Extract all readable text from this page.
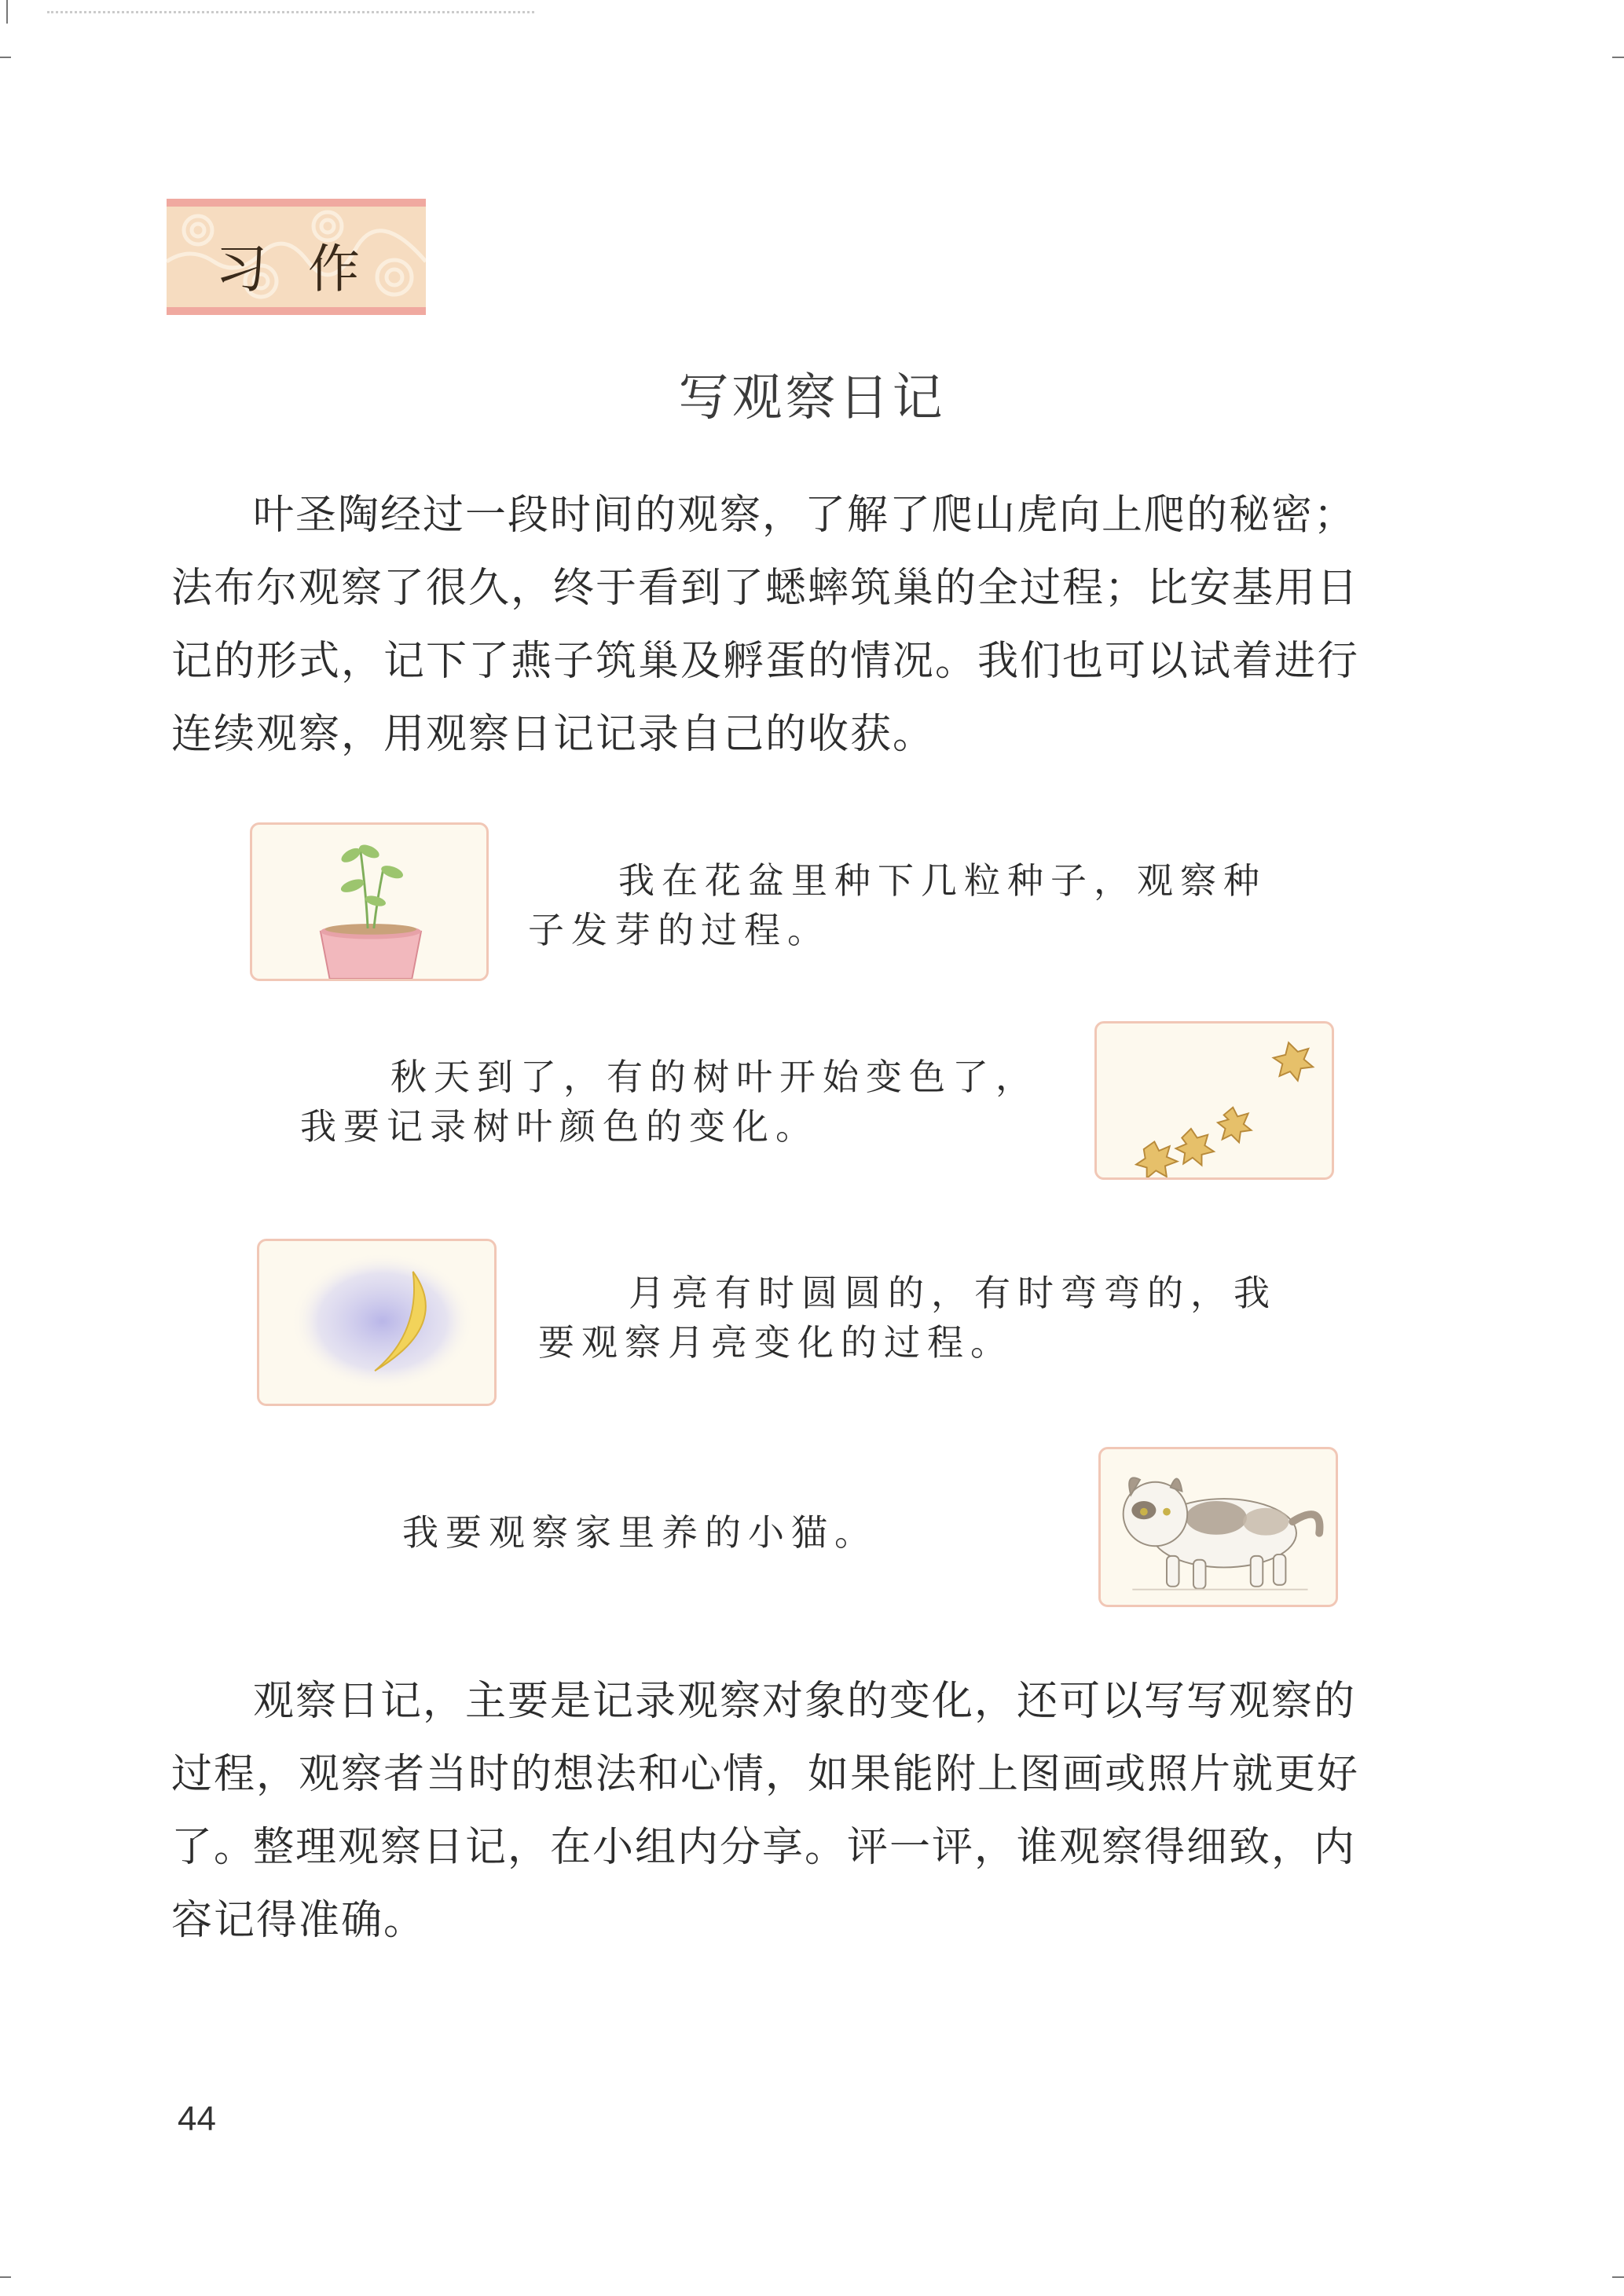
习作
写观察日记

叶圣陶经过一段时间的观察，了解了爬山虎向上爬的秘密；法布尔观察了很久，终于看到了蟋蟀筑巢的全过程；比安基用日记的形式，记下了燕子筑巢及孵蛋的情况。我们也可以试着进行连续观察，用观察日记记录自己的收获。

我在花盆里种下几粒种子，观察种
子发芽的过程。

秋天到了，有的树叶开始变色了，
我要记录树叶颜色的变化。

月亮有时圆圆的，有时弯弯的，我
要观察月亮变化的过程。

我要观察家里养的小猫。

观察日记，主要是记录观察对象的变化，还可以写写观察的过程，观察者当时的想法和心情，如果能附上图画或照片就更好了。

整理观察日记，在小组内分享。评一评，谁观察得细致，内容记得准确。

44
